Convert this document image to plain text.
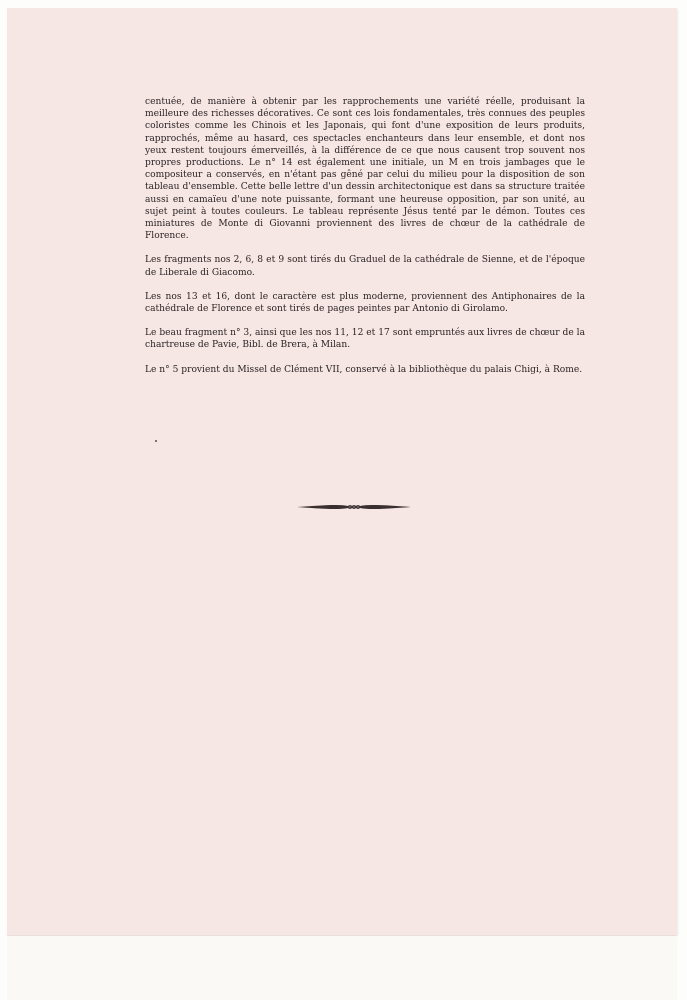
centuée, de manière à obtenir par les rapprochements une variété réelle, produisant la meilleure des richesses décoratives. Ce sont ces lois fondamentales, très connues des peuples coloristes comme les Chinois et les Japonais, qui font d'une exposition de leurs produits, rapprochés, même au hasard, ces spectacles enchanteurs dans leur ensemble, et dont nos yeux restent toujours émerveillés, à la différence de ce que nous causent trop souvent nos propres productions. Le n° 14 est également une initiale, un M en trois jambages que le compositeur a conservés, en n'étant pas gêné par celui du milieu pour la disposition de son tableau d'ensemble. Cette belle lettre d'un dessin architectonique est dans sa structure traitée aussi en camaïeu d'une note puissante, formant une heureuse opposition, par son unité, au sujet peint à toutes couleurs. Le tableau représente Jésus tenté par le démon. Toutes ces miniatures de Monte di Giovanni proviennent des livres de chœur de la cathédrale de Florence.

Les fragments nos 2, 6, 8 et 9 sont tirés du Graduel de la cathédrale de Sienne, et de l'époque de Liberale di Giacomo.

Les nos 13 et 16, dont le caractère est plus moderne, proviennent des Antiphonaires de la cathédrale de Florence et sont tirés de pages peintes par Antonio di Girolamo.

Le beau fragment n° 3, ainsi que les nos 11, 12 et 17 sont empruntés aux livres de chœur de la chartreuse de Pavie, Bibl. de Brera, à Milan.

Le n° 5 provient du Missel de Clément VII, conservé à la bibliothèque du palais Chigi, à Rome.
